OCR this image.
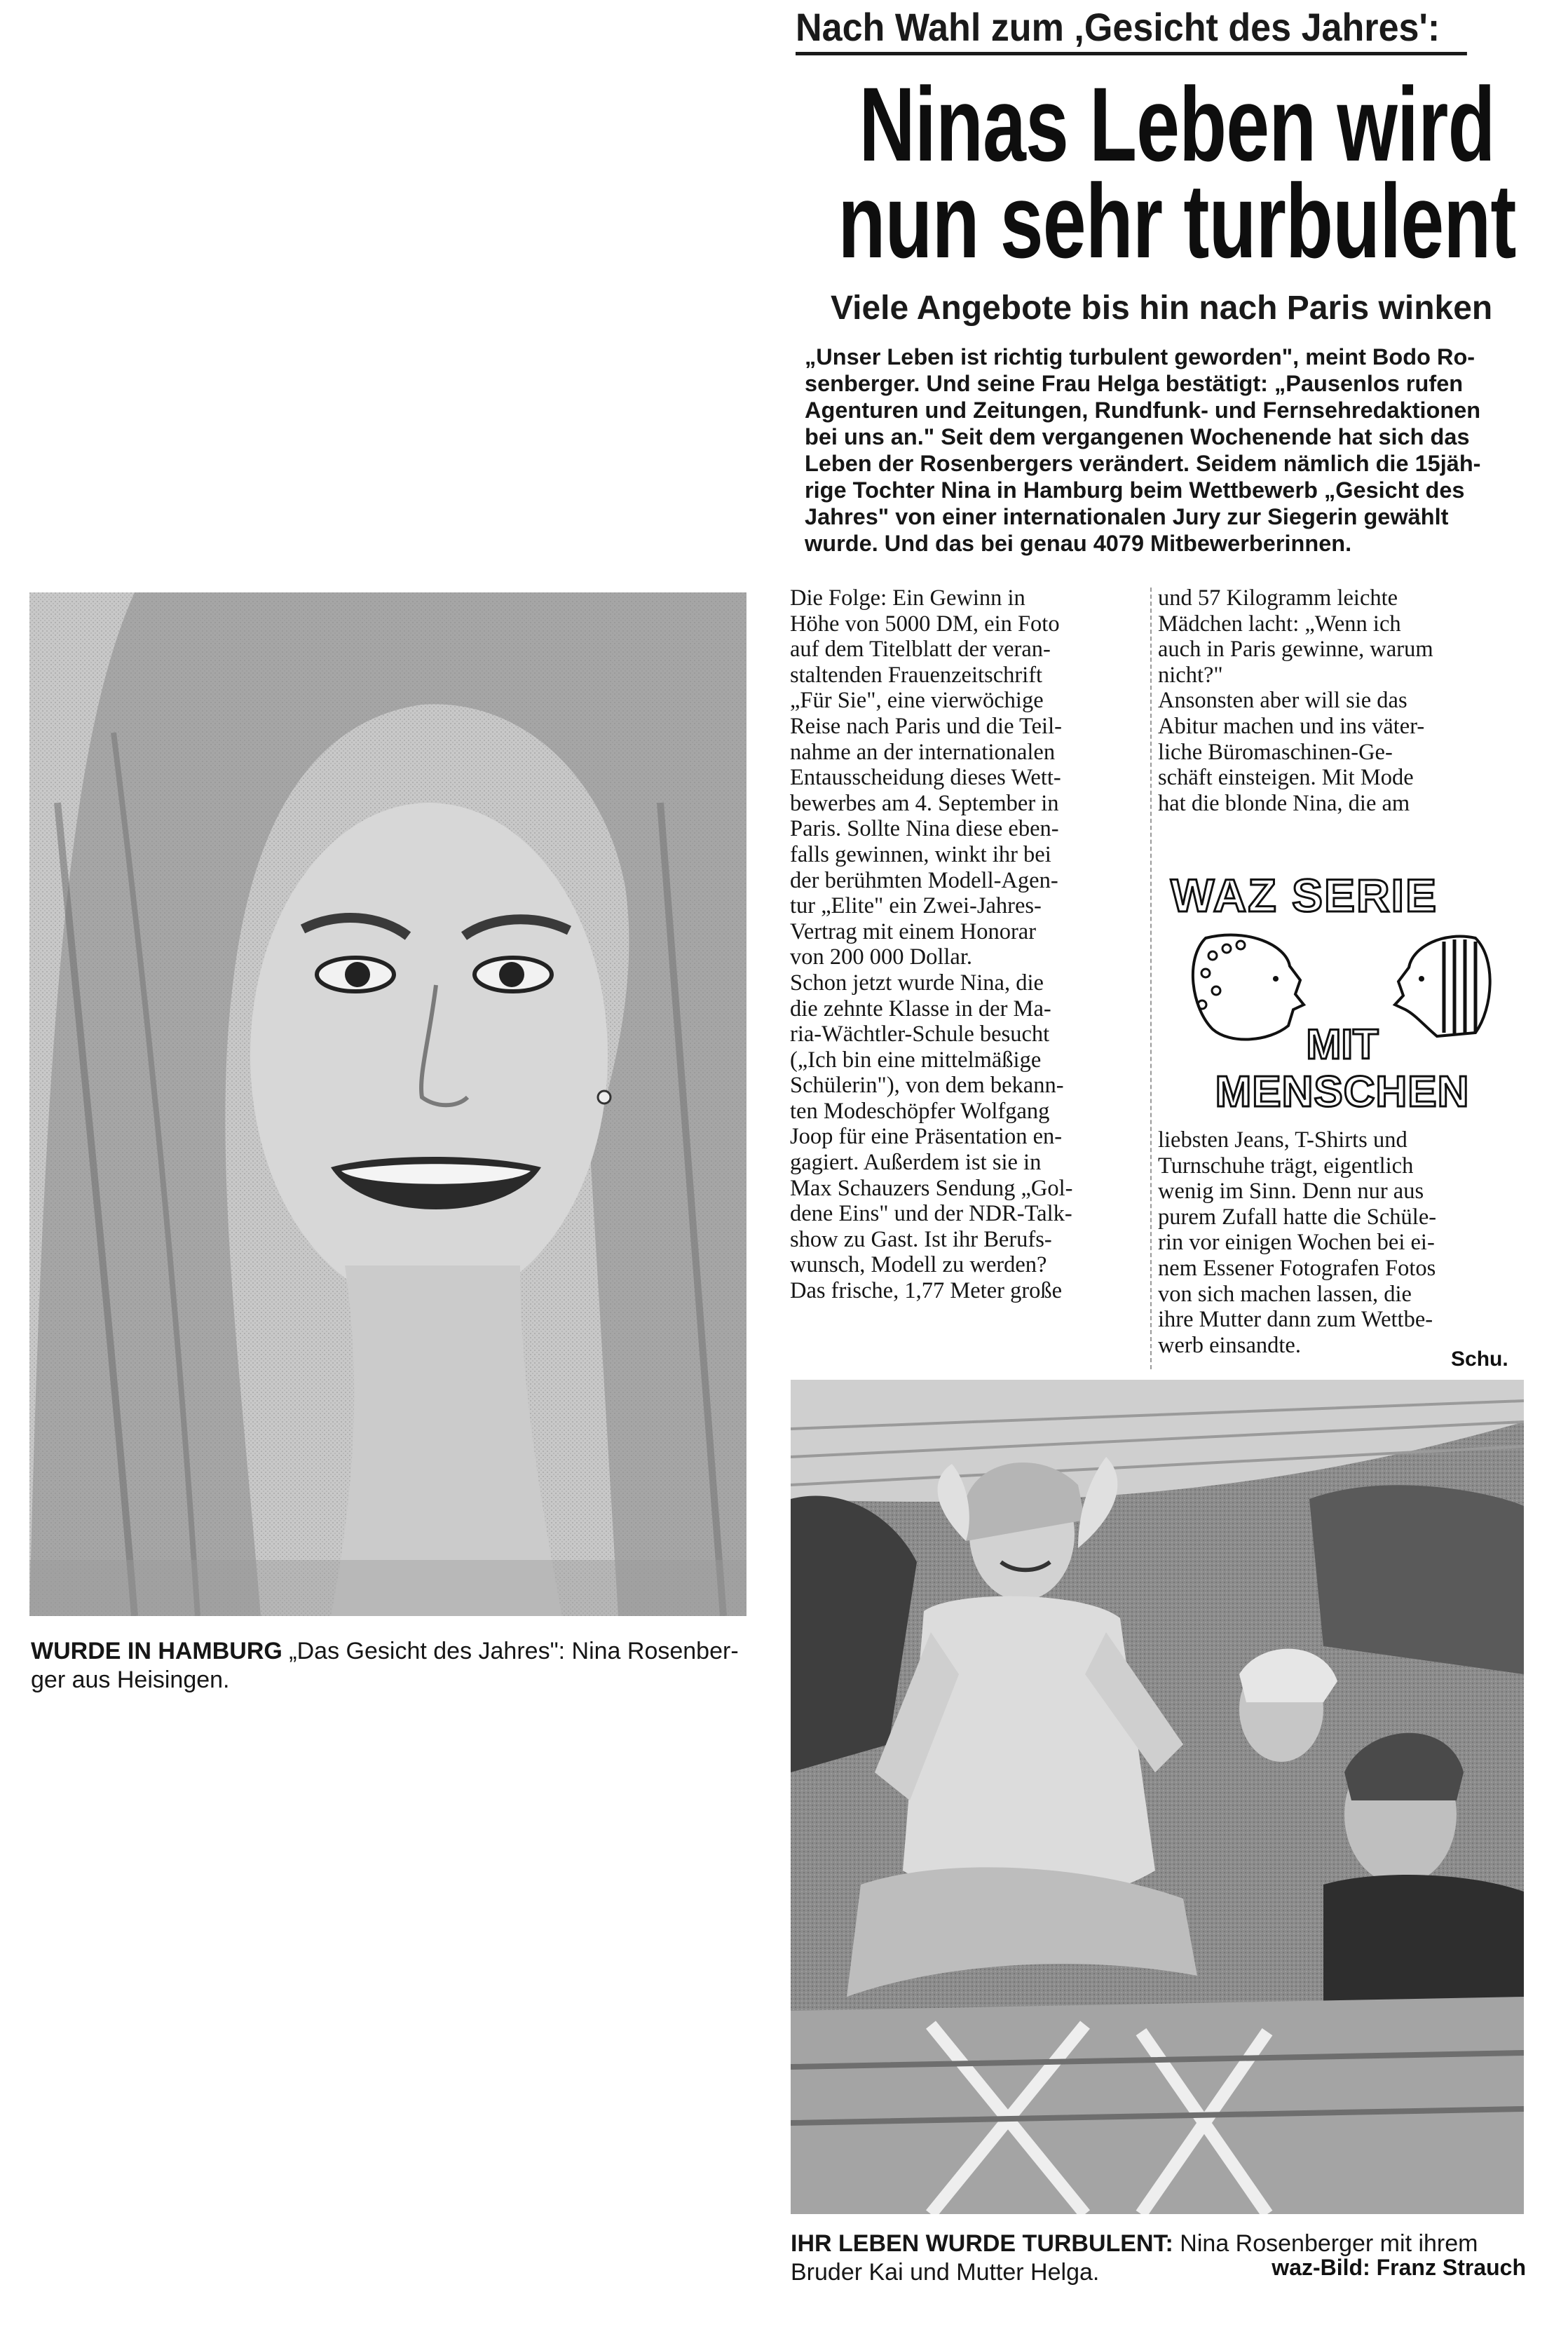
Nach Wahl zum ‚Gesicht des Jahres':
Ninas Leben wird
nun sehr turbulent
Viele Angebote bis hin nach Paris winken
„Unser Leben ist richtig turbulent geworden", meint Bodo Ro-
senberger. Und seine Frau Helga bestätigt: „Pausenlos rufen
Agenturen und Zeitungen, Rundfunk- und Fernsehredaktionen
bei uns an." Seit dem vergangenen Wochenende hat sich das
Leben der Rosenbergers verändert. Seidem nämlich die 15jäh-
rige Tochter Nina in Hamburg beim Wettbewerb „Gesicht des
Jahres" von einer internationalen Jury zur Siegerin gewählt
wurde. Und das bei genau 4079 Mitbewerberinnen.
Die Folge: Ein Gewinn in
Höhe von 5000 DM, ein Foto
auf dem Titelblatt der veran-
staltenden Frauenzeitschrift
„Für Sie", eine vierwöchige
Reise nach Paris und die Teil-
nahme an der internationalen
Entausscheidung dieses Wett-
bewerbes am 4. September in
Paris. Sollte Nina diese eben-
falls gewinnen, winkt ihr bei
der berühmten Modell-Agen-
tur „Elite" ein Zwei-Jahres-
Vertrag mit einem Honorar
von 200 000 Dollar.
Schon jetzt wurde Nina, die
die zehnte Klasse in der Ma-
ria-Wächtler-Schule besucht
(„Ich bin eine mittelmäßige
Schülerin"), von dem bekann-
ten Modeschöpfer Wolfgang
Joop für eine Präsentation en-
gagiert. Außerdem ist sie in
Max Schauzers Sendung „Gol-
dene Eins" und der NDR-Talk-
show zu Gast. Ist ihr Berufs-
wunsch, Modell zu werden?
Das frische, 1,77 Meter große
und 57 Kilogramm leichte
Mädchen lacht: „Wenn ich
auch in Paris gewinne, warum
nicht?"
Ansonsten aber will sie das
Abitur machen und ins väter-
liche Büromaschinen-Ge-
schäft einsteigen. Mit Mode
hat die blonde Nina, die am
liebsten Jeans, T-Shirts und
Turnschuhe trägt, eigentlich
wenig im Sinn. Denn nur aus
purem Zufall hatte die Schüle-
rin vor einigen Wochen bei ei-
nem Essener Fotografen Fotos
von sich machen lassen, die
ihre Mutter dann zum Wettbe-
werb einsandte.
Schu.
WAZ SERIE
MIT
MENSCHEN
WURDE IN HAMBURG „Das Gesicht des Jahres": Nina Rosenber-
ger aus Heisingen.
IHR LEBEN WURDE TURBULENT: Nina Rosenberger mit ihrem
Bruder Kai und Mutter Helga.	waz-Bild: Franz Strauch
